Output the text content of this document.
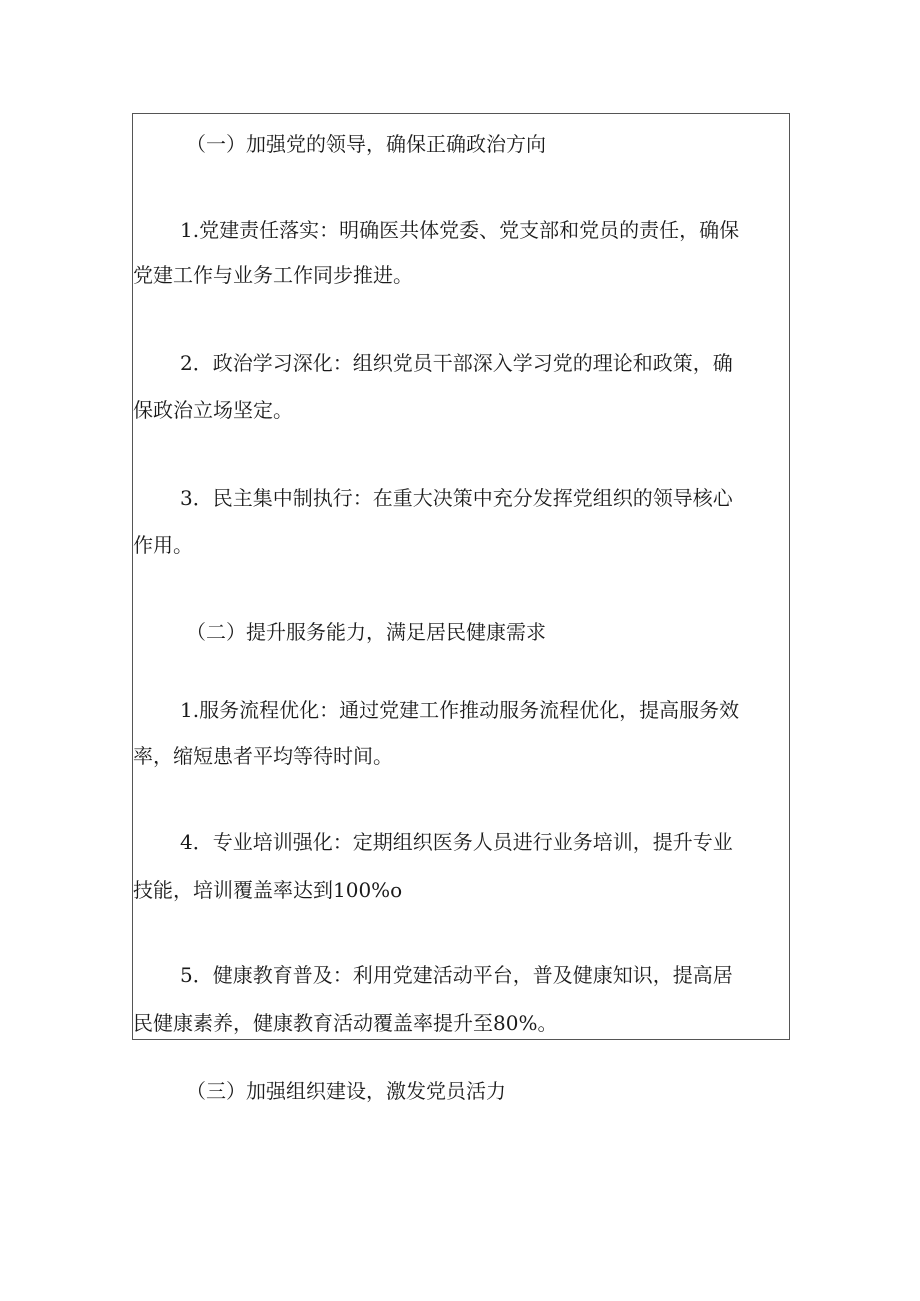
（一）加强党的领导，确保正确政治方向

1.党建责任落实：明确医共体党委、党支部和党员的责任，确保

党建工作与业务工作同步推进。

2．政治学习深化：组织党员干部深入学习党的理论和政策，确

保政治立场坚定。

3．民主集中制执行：在重大决策中充分发挥党组织的领导核心

作用。

（二）提升服务能力，满足居民健康需求

1.服务流程优化：通过党建工作推动服务流程优化，提高服务效

率，缩短患者平均等待时间。

4．专业培训强化：定期组织医务人员进行业务培训，提升专业

技能，培训覆盖率达到100%o

5．健康教育普及：利用党建活动平台，普及健康知识，提高居

民健康素养，健康教育活动覆盖率提升至80%。

（三）加强组织建设，激发党员活力
